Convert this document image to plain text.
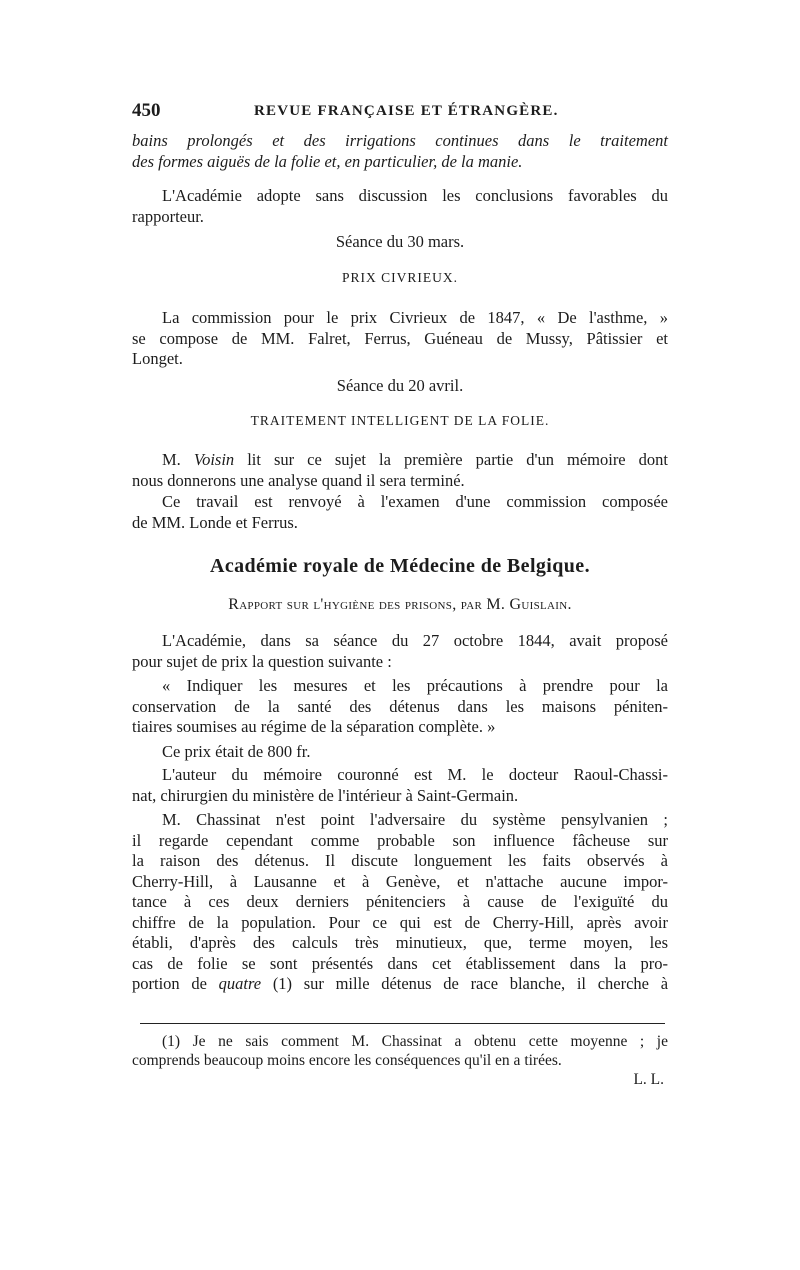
450	REVUE FRANÇAISE ET ÉTRANGÈRE.
bains prolongés et des irrigations continues dans le traitement
des formes aiguës de la folie et, en particulier, de la manie.
L'Académie adopte sans discussion les conclusions favorables du
rapporteur.
Séance du 30 mars.
PRIX CIVRIEUX.
La commission pour le prix Civrieux de 1847, « De l'asthme, »
se compose de MM. Falret, Ferrus, Guéneau de Mussy, Pâtissier et
Longet.
Séance du 20 avril.
TRAITEMENT INTELLIGENT DE LA FOLIE.
M. Voisin lit sur ce sujet la première partie d'un mémoire dont
nous donnerons une analyse quand il sera terminé.
Ce travail est renvoyé à l'examen d'une commission composée
de MM. Londe et Ferrus.
Académie royale de Médecine de Belgique.
Rapport sur l'hygiène des prisons, par M. Guislain.
L'Académie, dans sa séance du 27 octobre 1844, avait proposé
pour sujet de prix la question suivante :
« Indiquer les mesures et les précautions à prendre pour la
conservation de la santé des détenus dans les maisons péniten-
tiaires soumises au régime de la séparation complète. »
Ce prix était de 800 fr.
L'auteur du mémoire couronné est M. le docteur Raoul-Chassi-
nat, chirurgien du ministère de l'intérieur à Saint-Germain.
M. Chassinat n'est point l'adversaire du système pensylvanien ;
il regarde cependant comme probable son influence fâcheuse sur
la raison des détenus. Il discute longuement les faits observés à
Cherry-Hill, à Lausanne et à Genève, et n'attache aucune impor-
tance à ces deux derniers pénitenciers à cause de l'exiguïté du
chiffre de la population. Pour ce qui est de Cherry-Hill, après avoir
établi, d'après des calculs très minutieux, que, terme moyen, les
cas de folie se sont présentés dans cet établissement dans la pro-
portion de quatre (1) sur mille détenus de race blanche, il cherche à
(1) Je ne sais comment M. Chassinat a obtenu cette moyenne ; je
comprends beaucoup moins encore les conséquences qu'il en a tirées.
L. L.
